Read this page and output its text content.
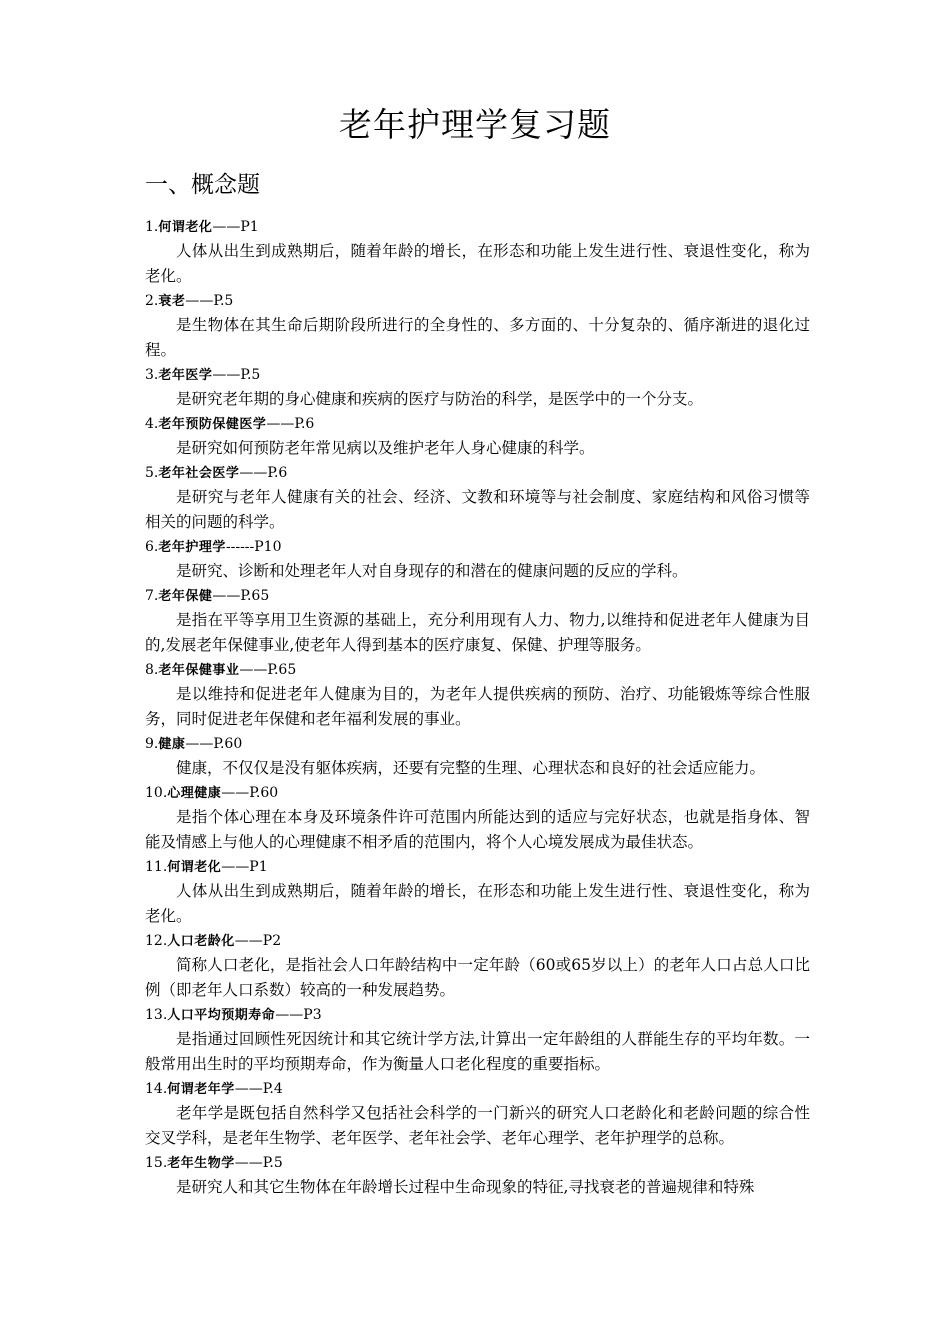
老年护理学复习题
一、概念题
1.何谓老化——P1

人体从出生到成熟期后，随着年龄的增长，在形态和功能上发生进行性、衰退性变化，称为老化。

2.衰老——P.5

是生物体在其生命后期阶段所进行的全身性的、多方面的、十分复杂的、循序渐进的退化过程。

3.老年医学——P.5

是研究老年期的身心健康和疾病的医疗与防治的科学，是医学中的一个分支。

4.老年预防保健医学——P.6

是研究如何预防老年常见病以及维护老年人身心健康的科学。

5.老年社会医学——P.6

是研究与老年人健康有关的社会、经济、文教和环境等与社会制度、家庭结构和风俗习惯等相关的问题的科学。

6.老年护理学------P10

是研究、诊断和处理老年人对自身现存的和潜在的健康问题的反应的学科。

7.老年保健——P.65

是指在平等享用卫生资源的基础上，充分利用现有人力、物力,以维持和促进老年人健康为目的,发展老年保健事业,使老年人得到基本的医疗康复、保健、护理等服务。

8.老年保健事业——P.65

是以维持和促进老年人健康为目的，为老年人提供疾病的预防、治疗、功能锻炼等综合性服务，同时促进老年保健和老年福利发展的事业。

9.健康——P.60

健康，不仅仅是没有躯体疾病，还要有完整的生理、心理状态和良好的社会适应能力。

10.心理健康——P.60

是指个体心理在本身及环境条件许可范围内所能达到的适应与完好状态，也就是指身体、智能及情感上与他人的心理健康不相矛盾的范围内，将个人心境发展成为最佳状态。

11.何谓老化——P1

人体从出生到成熟期后，随着年龄的增长，在形态和功能上发生进行性、衰退性变化，称为老化。

12.人口老龄化——P2

简称人口老化，是指社会人口年龄结构中一定年龄（60或65岁以上）的老年人口占总人口比例（即老年人口系数）较高的一种发展趋势。

13.人口平均预期寿命——P3

是指通过回顾性死因统计和其它统计学方法,计算出一定年龄组的人群能生存的平均年数。一般常用出生时的平均预期寿命，作为衡量人口老化程度的重要指标。

14.何谓老年学——P.4

老年学是既包括自然科学又包括社会科学的一门新兴的研究人口老龄化和老龄问题的综合性交叉学科，是老年生物学、老年医学、老年社会学、老年心理学、老年护理学的总称。

15.老年生物学——P.5

是研究人和其它生物体在年龄增长过程中生命现象的特征,寻找衰老的普遍规律和特殊
